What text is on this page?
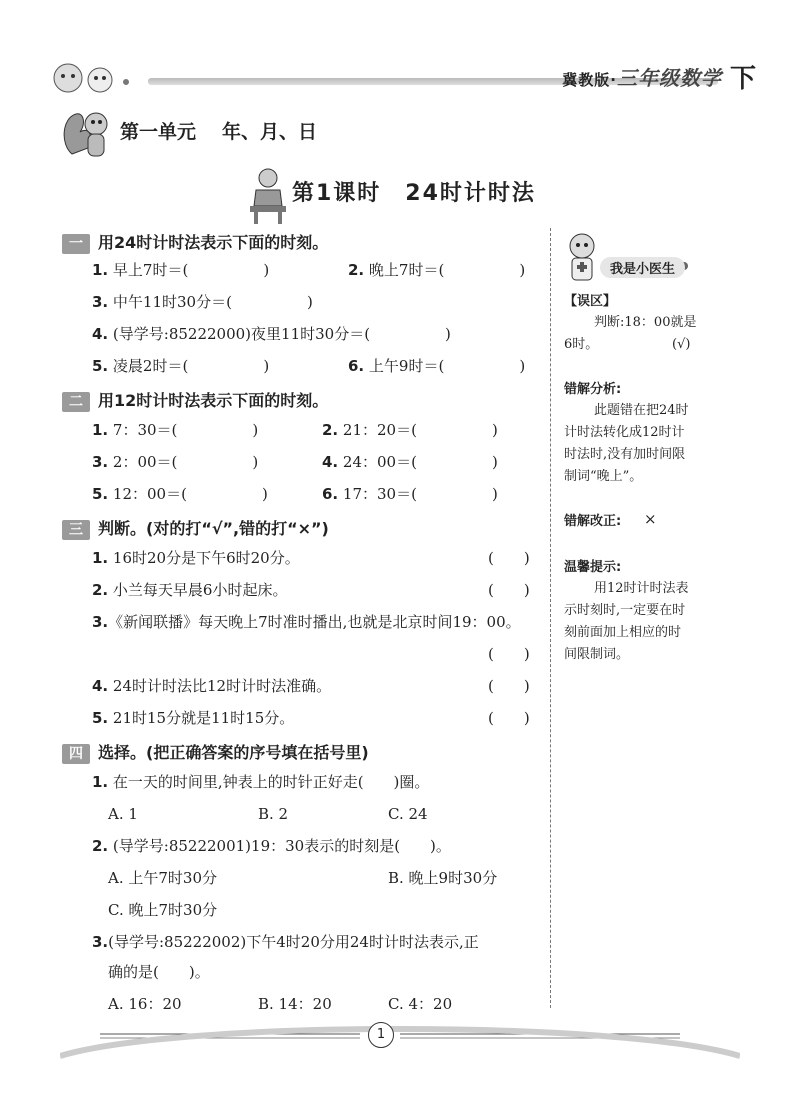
冀教版·三年级数学 下
第一单元 年、月、日
第1课时　24时计时法
一 用24时计时法表示下面的时刻。
1. 早上7时＝(　　　　　)	2. 晚上7时＝(　　　　　)
3. 中午11时30分＝(　　　　　)
4. (导学号:85222000)夜里11时30分＝(　　　　　)
5. 凌晨2时＝(　　　　　)	6. 上午9时＝(　　　　　)
二 用12时计时法表示下面的时刻。
1. 7：30＝(　　　　　)	2. 21：20＝(　　　　　)
3. 2：00＝(　　　　　)	4. 24：00＝(　　　　　)
5. 12：00＝(　　　　　)	6. 17：30＝(　　　　　)
三 判断。(对的打“√”,错的打“×”)
1. 16时20分是下午6时20分。	(　　)
2. 小兰每天早晨6小时起床。	(　　)
3.《新闻联播》每天晚上7时准时播出,也就是北京时间19：00。
(　　)
4. 24时计时法比12时计时法准确。	(　　)
5. 21时15分就是11时15分。	(　　)
四 选择。(把正确答案的序号填在括号里)
1. 在一天的时间里,钟表上的时针正好走(　　)圈。
A. 1	B. 2	C. 24
2. (导学号:85222001)19：30表示的时刻是(　　)。
A. 上午7时30分	B. 晚上9时30分
C. 晚上7时30分
3.(导学号:85222002)下午4时20分用24时计时法表示,正
确的是(　　)。
A. 16：20	B. 14：20	C. 4：20
我是小医生
【误区】
判断:18：00就是
6时。	(√)
错解分析:
此题错在把24时
计时法转化成12时计
时法时,没有加时间限
制词“晚上”。
错解改正: ×
温馨提示:
用12时计时法表
示时刻时,一定要在时
刻前面加上相应的时
间限制词。
1
